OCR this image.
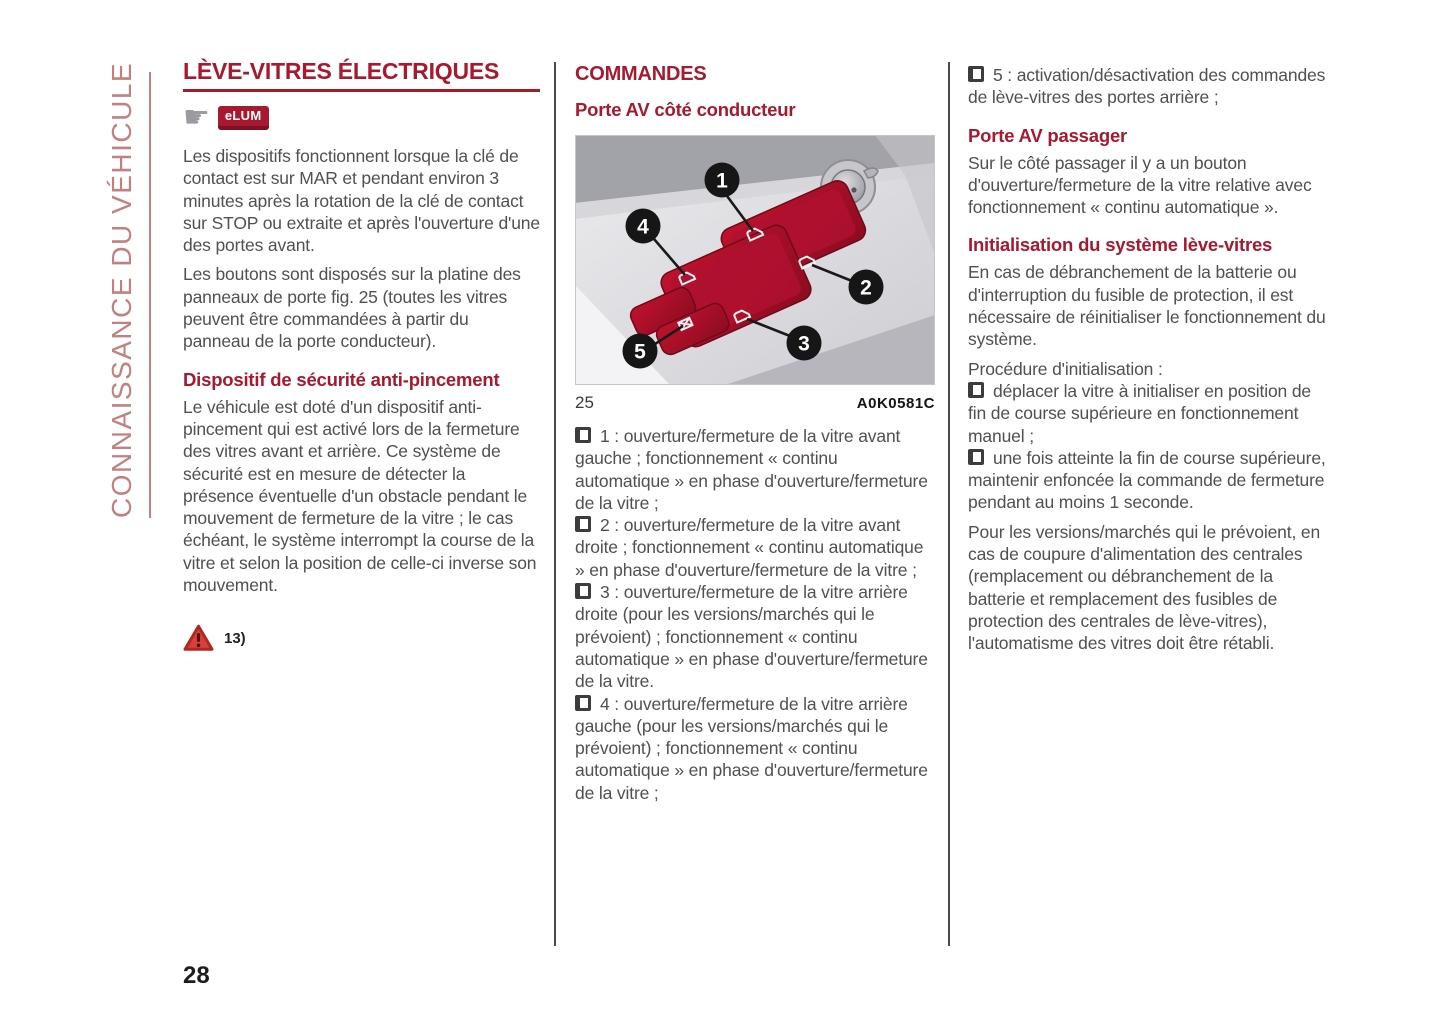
CONNAISSANCE DU VÉHICULE LÈVE-VITRES ÉLECTRIQUES
☛	eLUM

Les dispositifs fonctionnent lorsque la clé de contact est sur MAR et pendant environ 3 minutes après la rotation de la clé de contact sur STOP ou extraite et après l'ouverture d'une des portes avant.

Les boutons sont disposés sur la platine des panneaux de porte fig. 25 (toutes les vitres peuvent être commandées à partir du panneau de la porte conducteur).

Dispositif de sécurité anti-pincement

Le véhicule est doté d'un dispositif anti-pincement qui est activé lors de la fermeture des vitres avant et arrière. Ce système de sécurité est en mesure de détecter la présence éventuelle d'un obstacle pendant le mouvement de fermeture de la vitre ; le cas échéant, le système interrompt la course de la vitre et selon la position de celle-ci inverse son mouvement.

13)
COMMANDES
Porte AV côté conducteur
1
2
3
4
5
25	A0K0581C

1 : ouverture/fermeture de la vitre avant gauche ; fonctionnement « continu automatique » en phase d'ouverture/fermeture de la vitre ;

2 : ouverture/fermeture de la vitre avant droite ; fonctionnement « continu automatique » en phase d'ouverture/fermeture de la vitre ;

3 : ouverture/fermeture de la vitre arrière droite (pour les versions/marchés qui le prévoient) ; fonctionnement « continu automatique » en phase d'ouverture/fermeture de la vitre.

4 : ouverture/fermeture de la vitre arrière gauche (pour les versions/marchés qui le prévoient) ; fonctionnement « continu automatique » en phase d'ouverture/fermeture de la vitre ;

5 : activation/désactivation des commandes de lève-vitres des portes arrière ;

Porte AV passager

Sur le côté passager il y a un bouton d'ouverture/fermeture de la vitre relative avec fonctionnement « continu automatique ».

Initialisation du système lève-vitres

En cas de débranchement de la batterie ou d'interruption du fusible de protection, il est nécessaire de réinitialiser le fonctionnement du système.

Procédure d'initialisation :

déplacer la vitre à initialiser en position de fin de course supérieure en fonctionnement manuel ;

une fois atteinte la fin de course supérieure, maintenir enfoncée la commande de fermeture pendant au moins 1 seconde.

Pour les versions/marchés qui le prévoient, en cas de coupure d'alimentation des centrales (remplacement ou débranchement de la batterie et remplacement des fusibles de protection des centrales de lève-vitres), l'automatisme des vitres doit être rétabli.

28
